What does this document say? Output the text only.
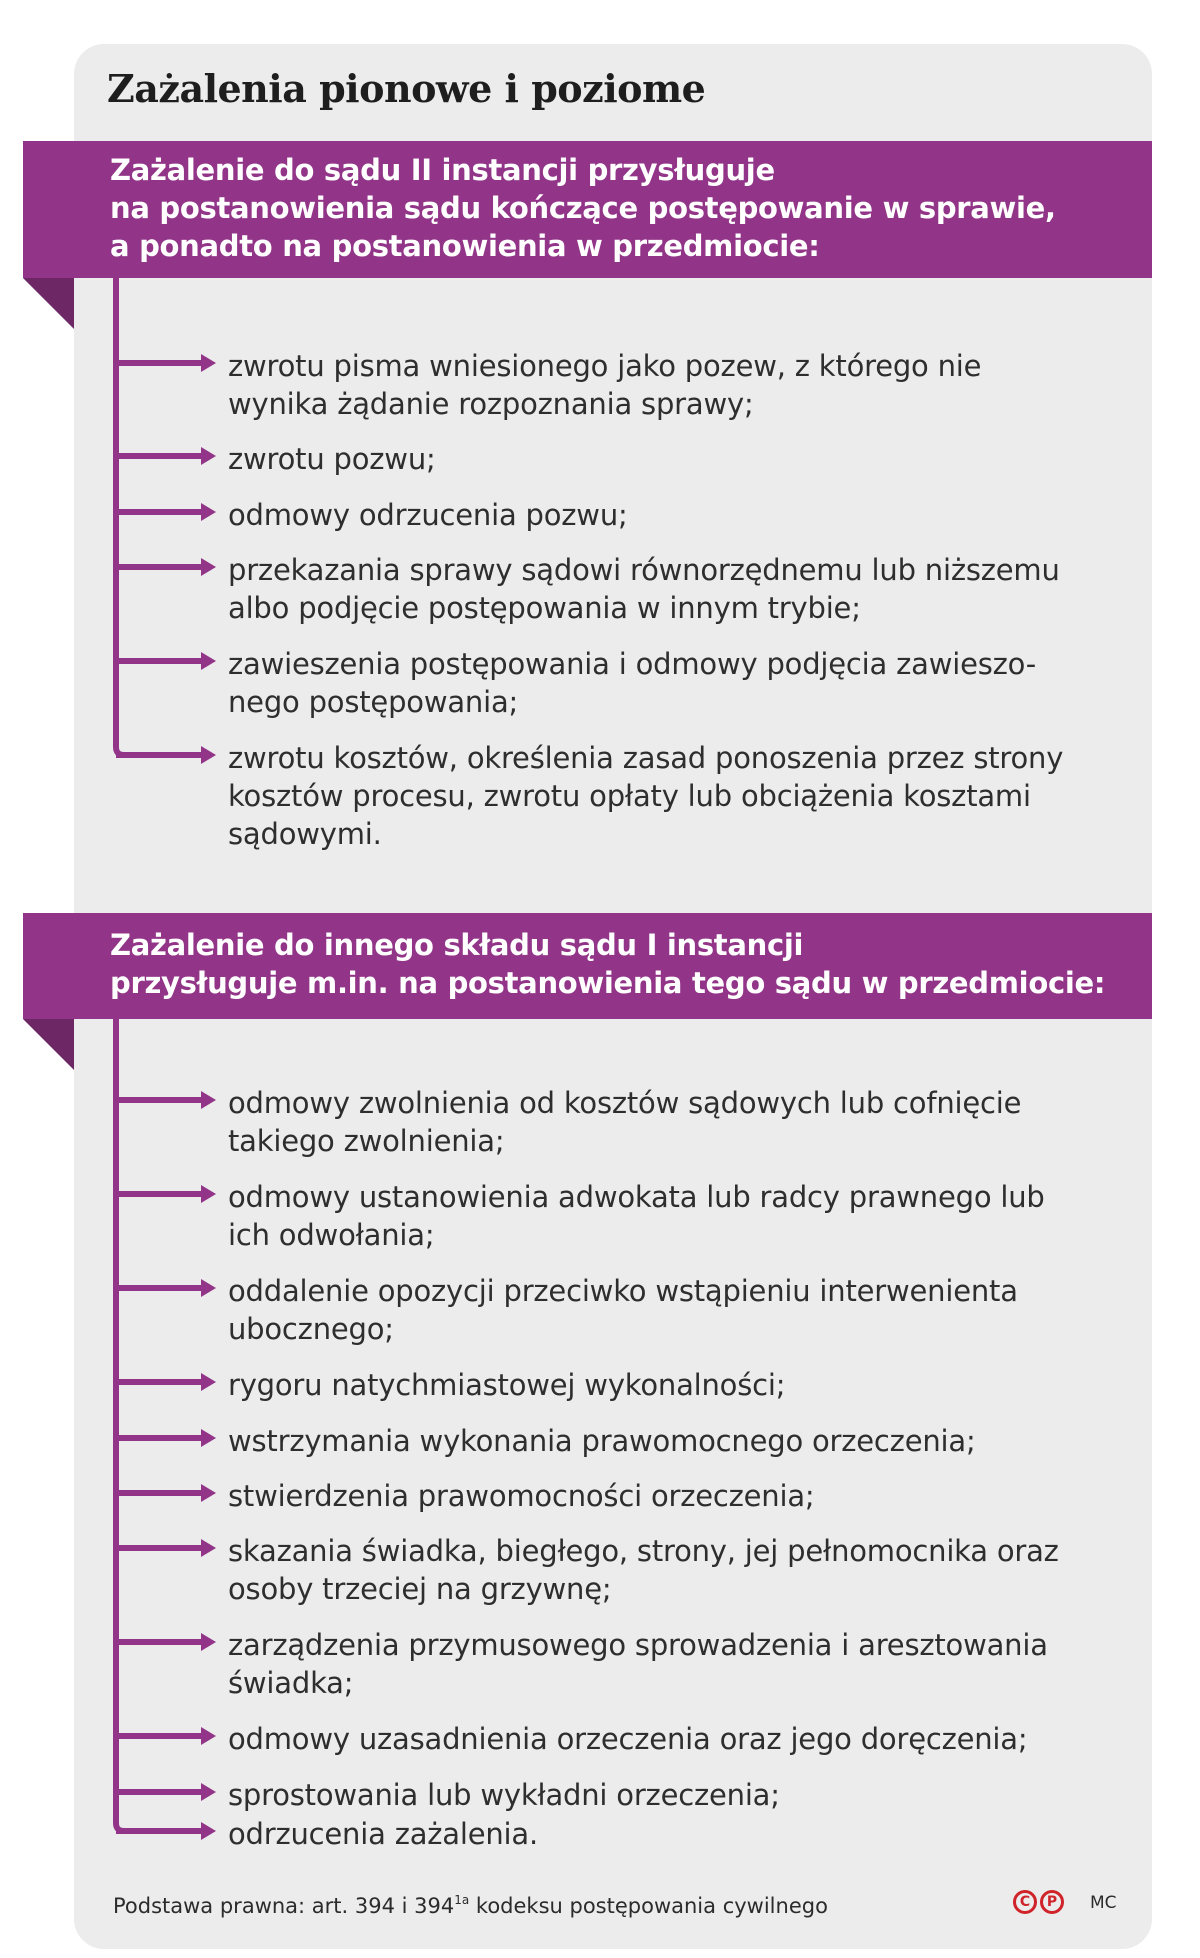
Zażalenia pionowe i poziome
Zażalenie do sądu II instancji przysługuje
na postanowienia sądu kończące postępowanie w sprawie,
a ponadto na postanowienia w przedmiocie:
Zażalenie do innego składu sądu I instancji
przysługuje m.in. na postanowienia tego sądu w przedmiocie:

zwrotu pisma wniesionego jako pozew, z którego nie
wynika żądanie rozpoznania sprawy;

zwrotu pozwu;

odmowy odrzucenia pozwu;

przekazania sprawy sądowi równorzędnemu lub niższemu
albo podjęcie postępowania w innym trybie;

zawieszenia postępowania i odmowy podjęcia zawieszo-
nego postępowania;

zwrotu kosztów, określenia zasad ponoszenia przez strony
kosztów procesu, zwrotu opłaty lub obciążenia kosztami
sądowymi.

odmowy zwolnienia od kosztów sądowych lub cofnięcie
takiego zwolnienia;

odmowy ustanowienia adwokata lub radcy prawnego lub
ich odwołania;

oddalenie opozycji przeciwko wstąpieniu interwenienta
ubocznego;

rygoru natychmiastowej wykonalności;

wstrzymania wykonania prawomocnego orzeczenia;

stwierdzenia prawomocności orzeczenia;

skazania świadka, biegłego, strony, jej pełnomocnika oraz
osoby trzeciej na grzywnę;

zarządzenia przymusowego sprowadzenia i aresztowania
świadka;

odmowy uzasadnienia orzeczenia oraz jego doręczenia;

sprostowania lub wykładni orzeczenia;

odrzucenia zażalenia.

Podstawa prawna: art. 394 i $394^{1a}$ kodeksu postępowania cywilnego	C	P	MC
